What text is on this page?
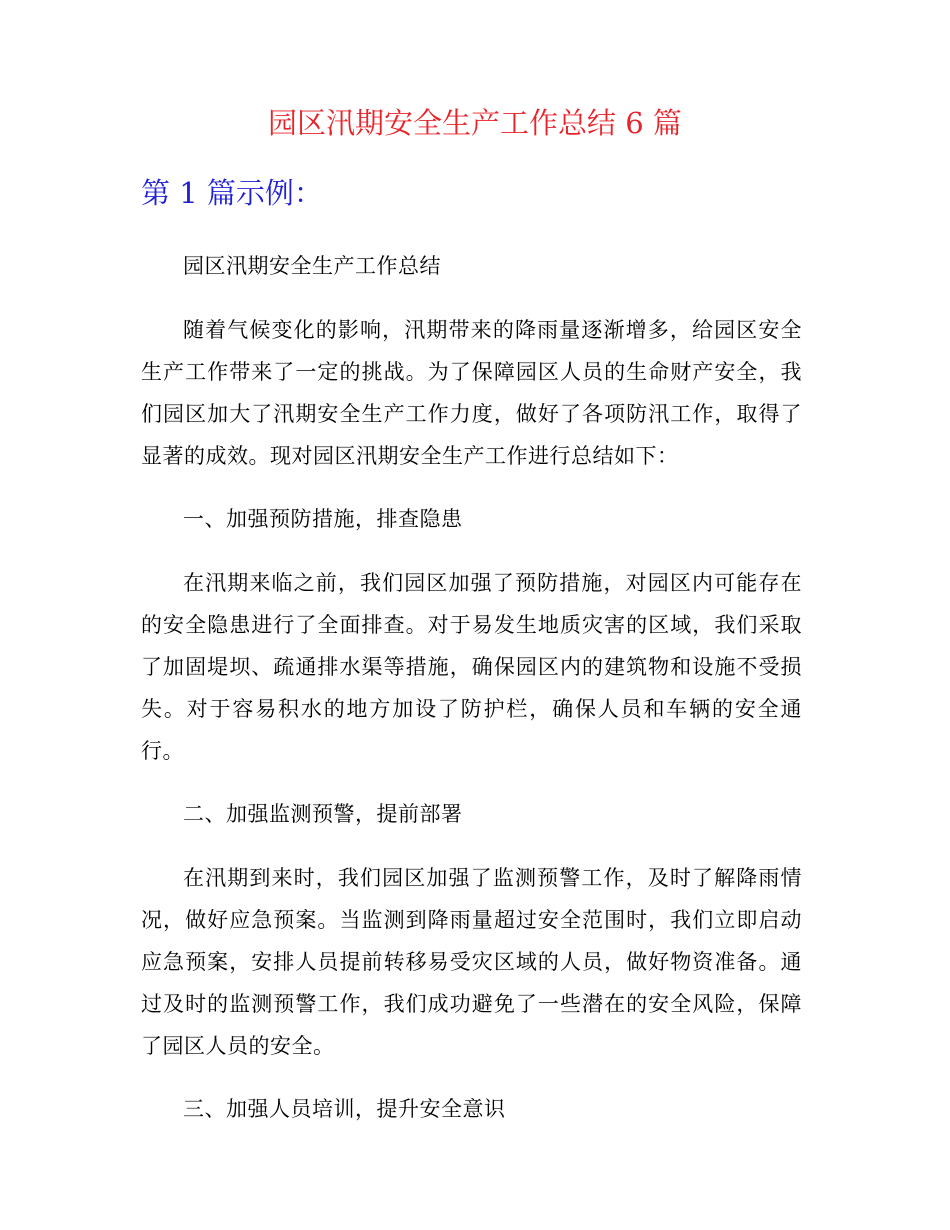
园区汛期安全生产工作总结 6 篇
第 1 篇示例：

园区汛期安全生产工作总结

随着气候变化的影响，汛期带来的降雨量逐渐增多，给园区安全生产工作带来了一定的挑战。为了保障园区人员的生命财产安全，我们园区加大了汛期安全生产工作力度，做好了各项防汛工作，取得了显著的成效。现对园区汛期安全生产工作进行总结如下：

一、加强预防措施，排查隐患

在汛期来临之前，我们园区加强了预防措施，对园区内可能存在的安全隐患进行了全面排查。对于易发生地质灾害的区域，我们采取了加固堤坝、疏通排水渠等措施，确保园区内的建筑物和设施不受损失。对于容易积水的地方加设了防护栏，确保人员和车辆的安全通行。

二、加强监测预警，提前部署

在汛期到来时，我们园区加强了监测预警工作，及时了解降雨情况，做好应急预案。当监测到降雨量超过安全范围时，我们立即启动应急预案，安排人员提前转移易受灾区域的人员，做好物资准备。通过及时的监测预警工作，我们成功避免了一些潜在的安全风险，保障了园区人员的安全。

三、加强人员培训，提升安全意识
